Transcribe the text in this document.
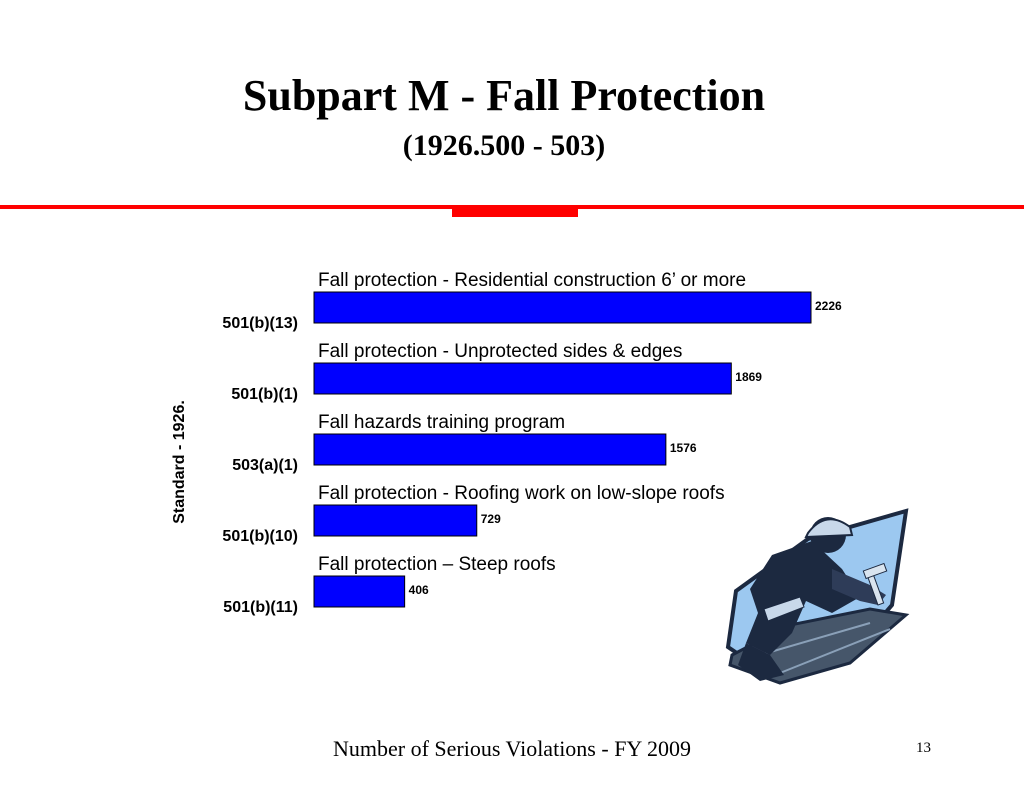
Subpart M - Fall Protection
(1926.500 - 503)
Fall protection - Residential construction 6’ or more
2226
501(b)(13)
Fall protection - Unprotected sides & edges
1869
501(b)(1)
Fall hazards training program
1576
503(a)(1)
Fall protection - Roofing work on low-slope roofs
729
501(b)(10)
Fall protection – Steep roofs
406
501(b)(11)
Standard - 1926.
Number of Serious Violations - FY 2009	13
